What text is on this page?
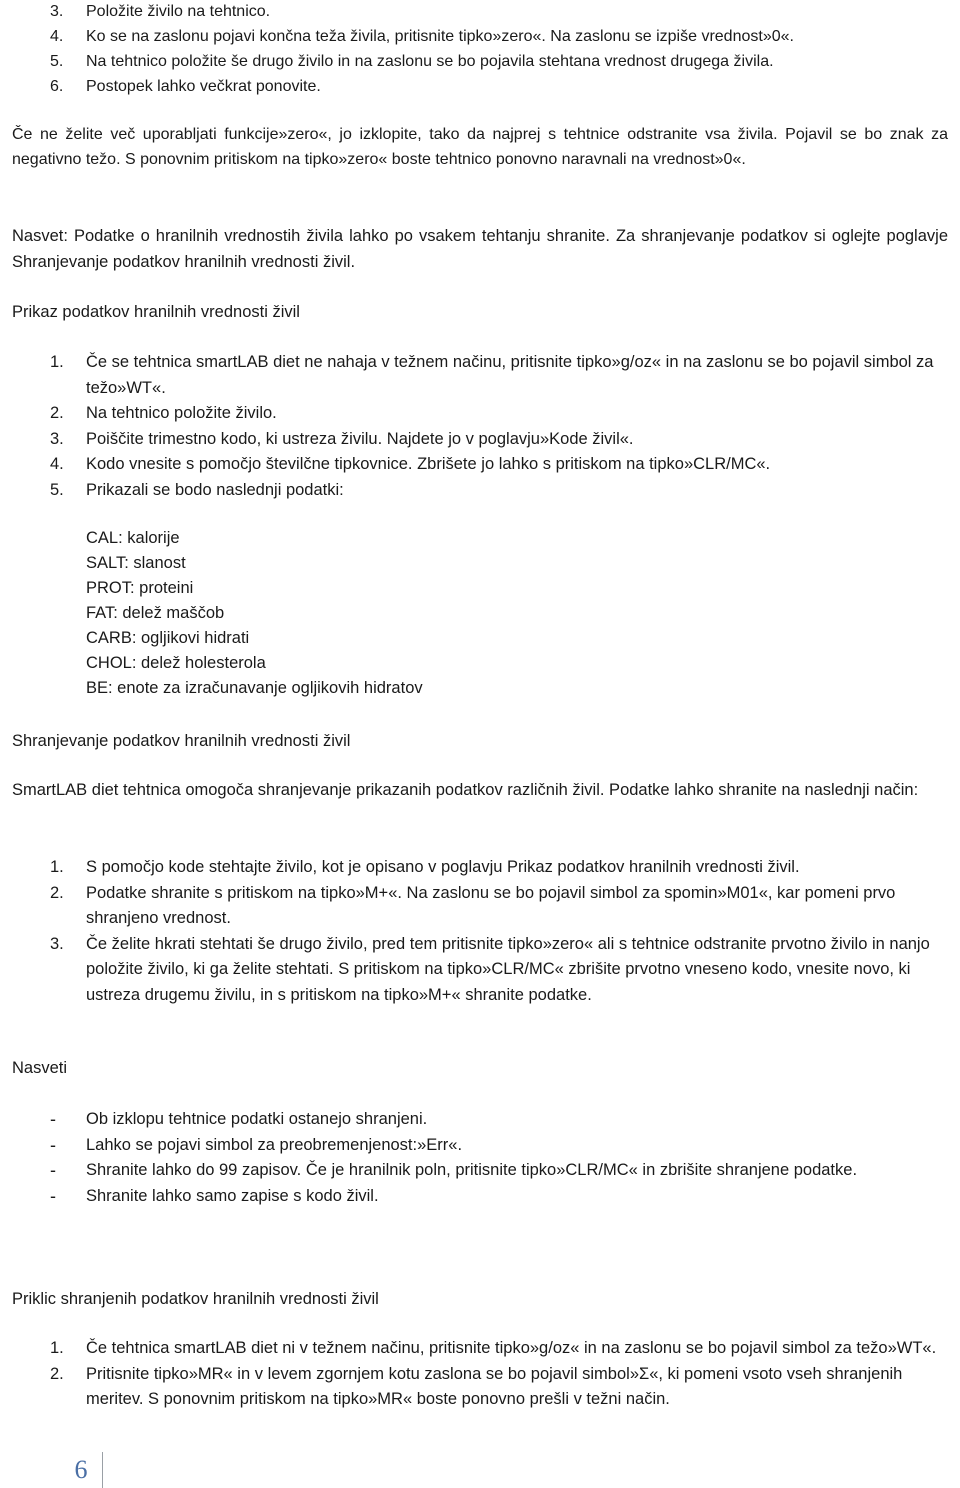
3. Položite živilo na tehtnico.
4. Ko se na zaslonu pojavi končna teža živila, pritisnite tipko»zero«. Na zaslonu se izpiše vrednost»0«.
5. Na tehtnico položite še drugo živilo in na zaslonu se bo pojavila stehtana vrednost drugega živila.
6. Postopek lahko večkrat ponovite.

Če ne želite več uporabljati funkcije»zero«, jo izklopite, tako da najprej s tehtnice odstranite vsa živila. Pojavil se bo znak za negativno težo. S ponovnim pritiskom na tipko»zero« boste tehtnico ponovno naravnali na vrednost»0«.

Nasvet: Podatke o hranilnih vrednostih živila lahko po vsakem tehtanju shranite. Za shranjevanje podatkov si oglejte poglavje Shranjevanje podatkov hranilnih vrednosti živil.

Prikaz podatkov hranilnih vrednosti živil
1. Če se tehtnica smartLAB diet ne nahaja v težnem načinu, pritisnite tipko»g/oz« in na zaslonu se bo pojavil simbol za težo»WT«.
2. Na tehtnico položite živilo.
3. Poiščite trimestno kodo, ki ustreza živilu. Najdete jo v poglavju»Kode živil«.
4. Kodo vnesite s pomočjo številčne tipkovnice. Zbrišete jo lahko s pritiskom na tipko»CLR/MC«.
5. Prikazali se bodo naslednji podatki:
CAL: kalorije
SALT: slanost
PROT: proteini
FAT: delež maščob
CARB: ogljikovi hidrati
CHOL: delež holesterola
BE: enote za izračunavanje ogljikovih hidratov
Shranjevanje podatkov hranilnih vrednosti živil

SmartLAB diet tehtnica omogoča shranjevanje prikazanih podatkov različnih živil. Podatke lahko shranite na naslednji način:

1. S pomočjo kode stehtajte živilo, kot je opisano v poglavju Prikaz podatkov hranilnih vrednosti živil.
2. Podatke shranite s pritiskom na tipko»M+«. Na zaslonu se bo pojavil simbol za spomin»M01«, kar pomeni prvo shranjeno vrednost.
3. Če želite hkrati stehtati še drugo živilo, pred tem pritisnite tipko»zero« ali s tehtnice odstranite prvotno živilo in nanjo položite živilo, ki ga želite stehtati. S pritiskom na tipko»CLR/MC« zbrišite prvotno vneseno kodo, vnesite novo, ki ustreza drugemu živilu, in s pritiskom na tipko»M+« shranite podatke.
Nasveti
- Ob izklopu tehtnice podatki ostanejo shranjeni.
- Lahko se pojavi simbol za preobremenjenost:»Err«.
- Shranite lahko do 99 zapisov. Če je hranilnik poln, pritisnite tipko»CLR/MC« in zbrišite shranjene podatke.
- Shranite lahko samo zapise s kodo živil.
Priklic shranjenih podatkov hranilnih vrednosti živil
1. Če tehtnica smartLAB diet ni v težnem načinu, pritisnite tipko»g/oz« in na zaslonu se bo pojavil simbol za težo»WT«.
2. Pritisnite tipko»MR« in v levem zgornjem kotu zaslona se bo pojavil simbol»Σ«, ki pomeni vsoto vseh shranjenih meritev. S ponovnim pritiskom na tipko»MR« boste ponovno prešli v težni način.
6
